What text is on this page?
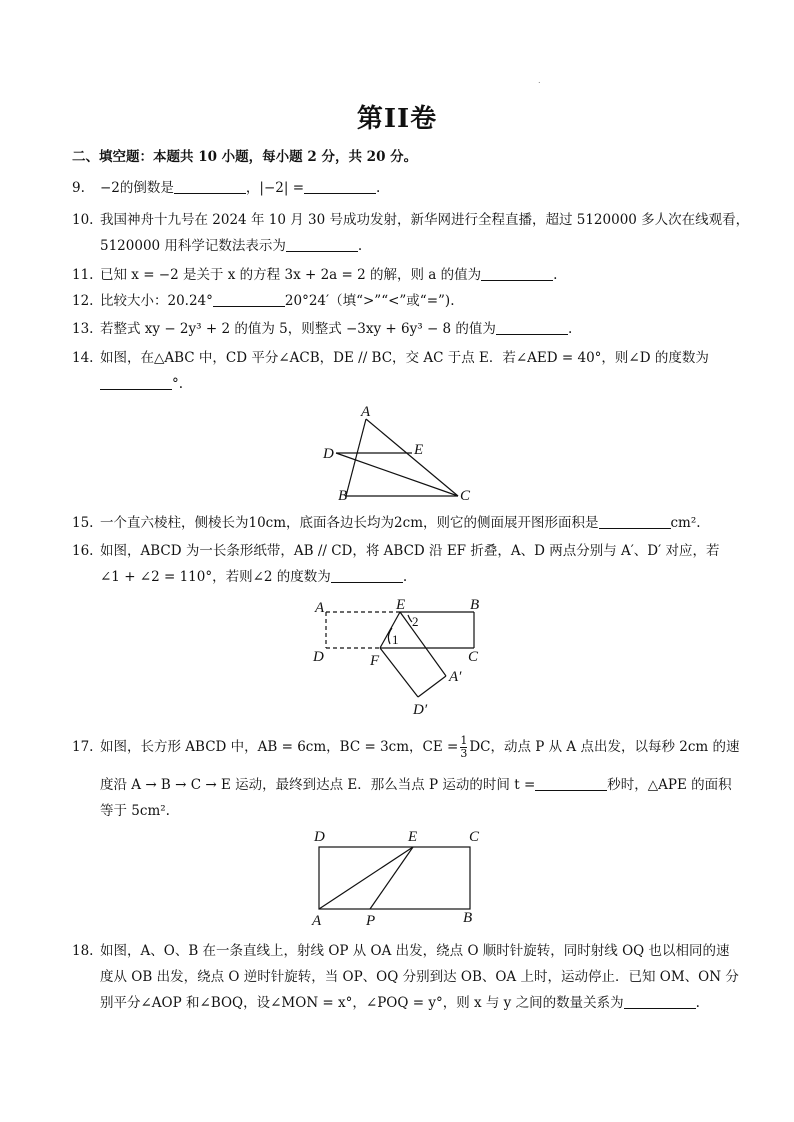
.
第II卷
二、填空题：本题共 10 小题，每小题 2 分，共 20 分。
9. −2的倒数是	，|−2| =	.
10. 我国神舟十九号在 2024 年 10 月 30 号成功发射，新华网进行全程直播，超过 5120000 多人次在线观看，
5120000 用科学记数法表示为	.
11. 已知 x = −2 是关于 x 的方程 3x + 2a = 2 的解，则 a 的值为	.
12. 比较大小：20.24°	20°24′（填“>”“<”或“=”).
13. 若整式 xy − 2y³ + 2 的值为 5，则整式 −3xy + 6y³ − 8 的值为	.
14. 如图，在△ABC 中，CD 平分∠ACB，DE // BC，交 AC 于点 E．若∠AED = 40°，则∠D 的度数为
°.
A
D	E
B	C
15. 一个直六棱柱，侧棱长为10cm，底面各边长均为2cm，则它的侧面展开图形面积是	cm².
16. 如图，ABCD 为一长条形纸带，AB // CD，将 ABCD 沿 EF 折叠，A、D 两点分别与 A′、D′ 对应，若
∠1 + ∠2 = 110°，若则∠2 的度数为	.
A	E	B
2
1
D	F	C
A′
D′
17. 如图，长方形 ABCD 中，AB = 6cm，BC = 3cm，CE = $\frac{1}{3}$ DC，动点 P 从 A 点出发，以每秒 2cm 的速
度沿 A → B → C → E 运动，最终到达点 E．那么当点 P 运动的时间 t =	秒时，△APE 的面积
等于 5cm².
D	E	C
A	P	B
18. 如图，A、O、B 在一条直线上，射线 OP 从 OA 出发，绕点 O 顺时针旋转，同时射线 OQ 也以相同的速
度从 OB 出发，绕点 O 逆时针旋转，当 OP、OQ 分别到达 OB、OA 上时，运动停止．已知 OM、ON 分
别平分∠AOP 和∠BOQ，设∠MON = x°，∠POQ = y°，则 x 与 y 之间的数量关系为	.
